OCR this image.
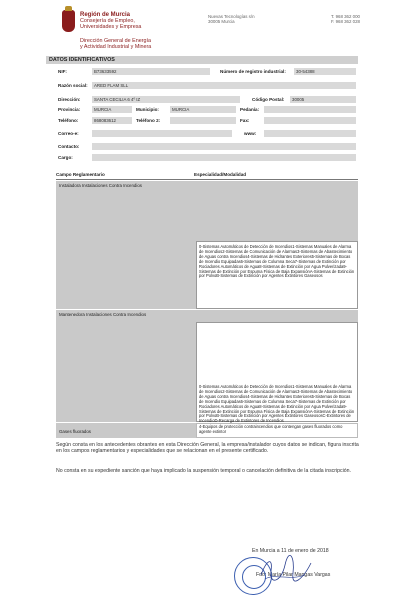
Región de Murcia
Consejería de Empleo,
Universidades y Empresa
Dirección General de Energía
y Actividad Industrial y Minera
Nuevas Tecnologías s/n
30005 Murcia
T. 968 362 000
F. 968 362 028
DATOS IDENTIFICATIVOS
NIF:	B73633592	Número de registro industrial:	30-54388
Razón social:	ARED FLAM SLL
Dirección:	SANTA CECILIA 6 4º IZ	Código Postal:	30005
Provincia:	MURCIA	Municipio:	MURCIA	Pedanía:
Teléfono:	868083612	Teléfono 2:	Fax:
Correo-e:	www:
Contacto:
Cargo:
Campo Reglamentario	Especialidad/Modalidad
Instaladora Instalaciones Contra Incendios
0-Sistemas Automáticos de Detección de Incendios1-Sistemas Manuales de Alarma de Incendios2-Sistemas de Comunicación de Alarmas3-Sistemas de Abastecimiento de Aguas contra Incendios4-Sistemas de Hidrantes Exteriores5-Sistemas de Bocas de Incendio Equipadas6-Sistemas de Columna Seca7-Sistemas de Extinción por Rociadores Automáticos de Agua8-Sistemas de Extinción por Agua Pulverizada9-Sistemas de Extinción por Espuma Física de Baja ExpansiónA-Sistemas de Extinción por PolvoB-Sistemas de Extinción por Agentes Extintores Gaseosos
Mantenedora Instalaciones Contra Incendios
0-Sistemas Automáticos de Detección de Incendios1-Sistemas Manuales de Alarma de Incendios2-Sistemas de Comunicación de Alarmas3-Sistemas de Abastecimiento de Aguas contra Incendios4-Sistemas de Hidrantes Exteriores5-Sistemas de Bocas de Incendio Equipadas6-Sistemas de Columna Seca7-Sistemas de Extinción por Rociadores Automáticos de Agua8-Sistemas de Extinción por Agua Pulverizada9-Sistemas de Extinción por Espuma Física de Baja ExpansiónA-Sistemas de Extinción por PolvoB-Sistemas de Extinción por Agentes Extintores GaseososC-Extintores de IncendioD-Recarga de Extintores de Incendios
Gases fluorados
4-Equipos de protección contraincendios que contengan gases fluorados como agente extintor
Según consta en los antecedentes obrantes en esta Dirección General, la empresa/instalador cuyos datos se indican, figura inscrita en los campos reglamentarios y especialidades que se relacionan en el presente certificado.
No consta en su expediente sanción que haya implicado la suspensión temporal o cancelación definitiva de la citada inscripción.
En Murcia a 11 de enero de 2018
Fdo: María Pilar Mangas Vargas
